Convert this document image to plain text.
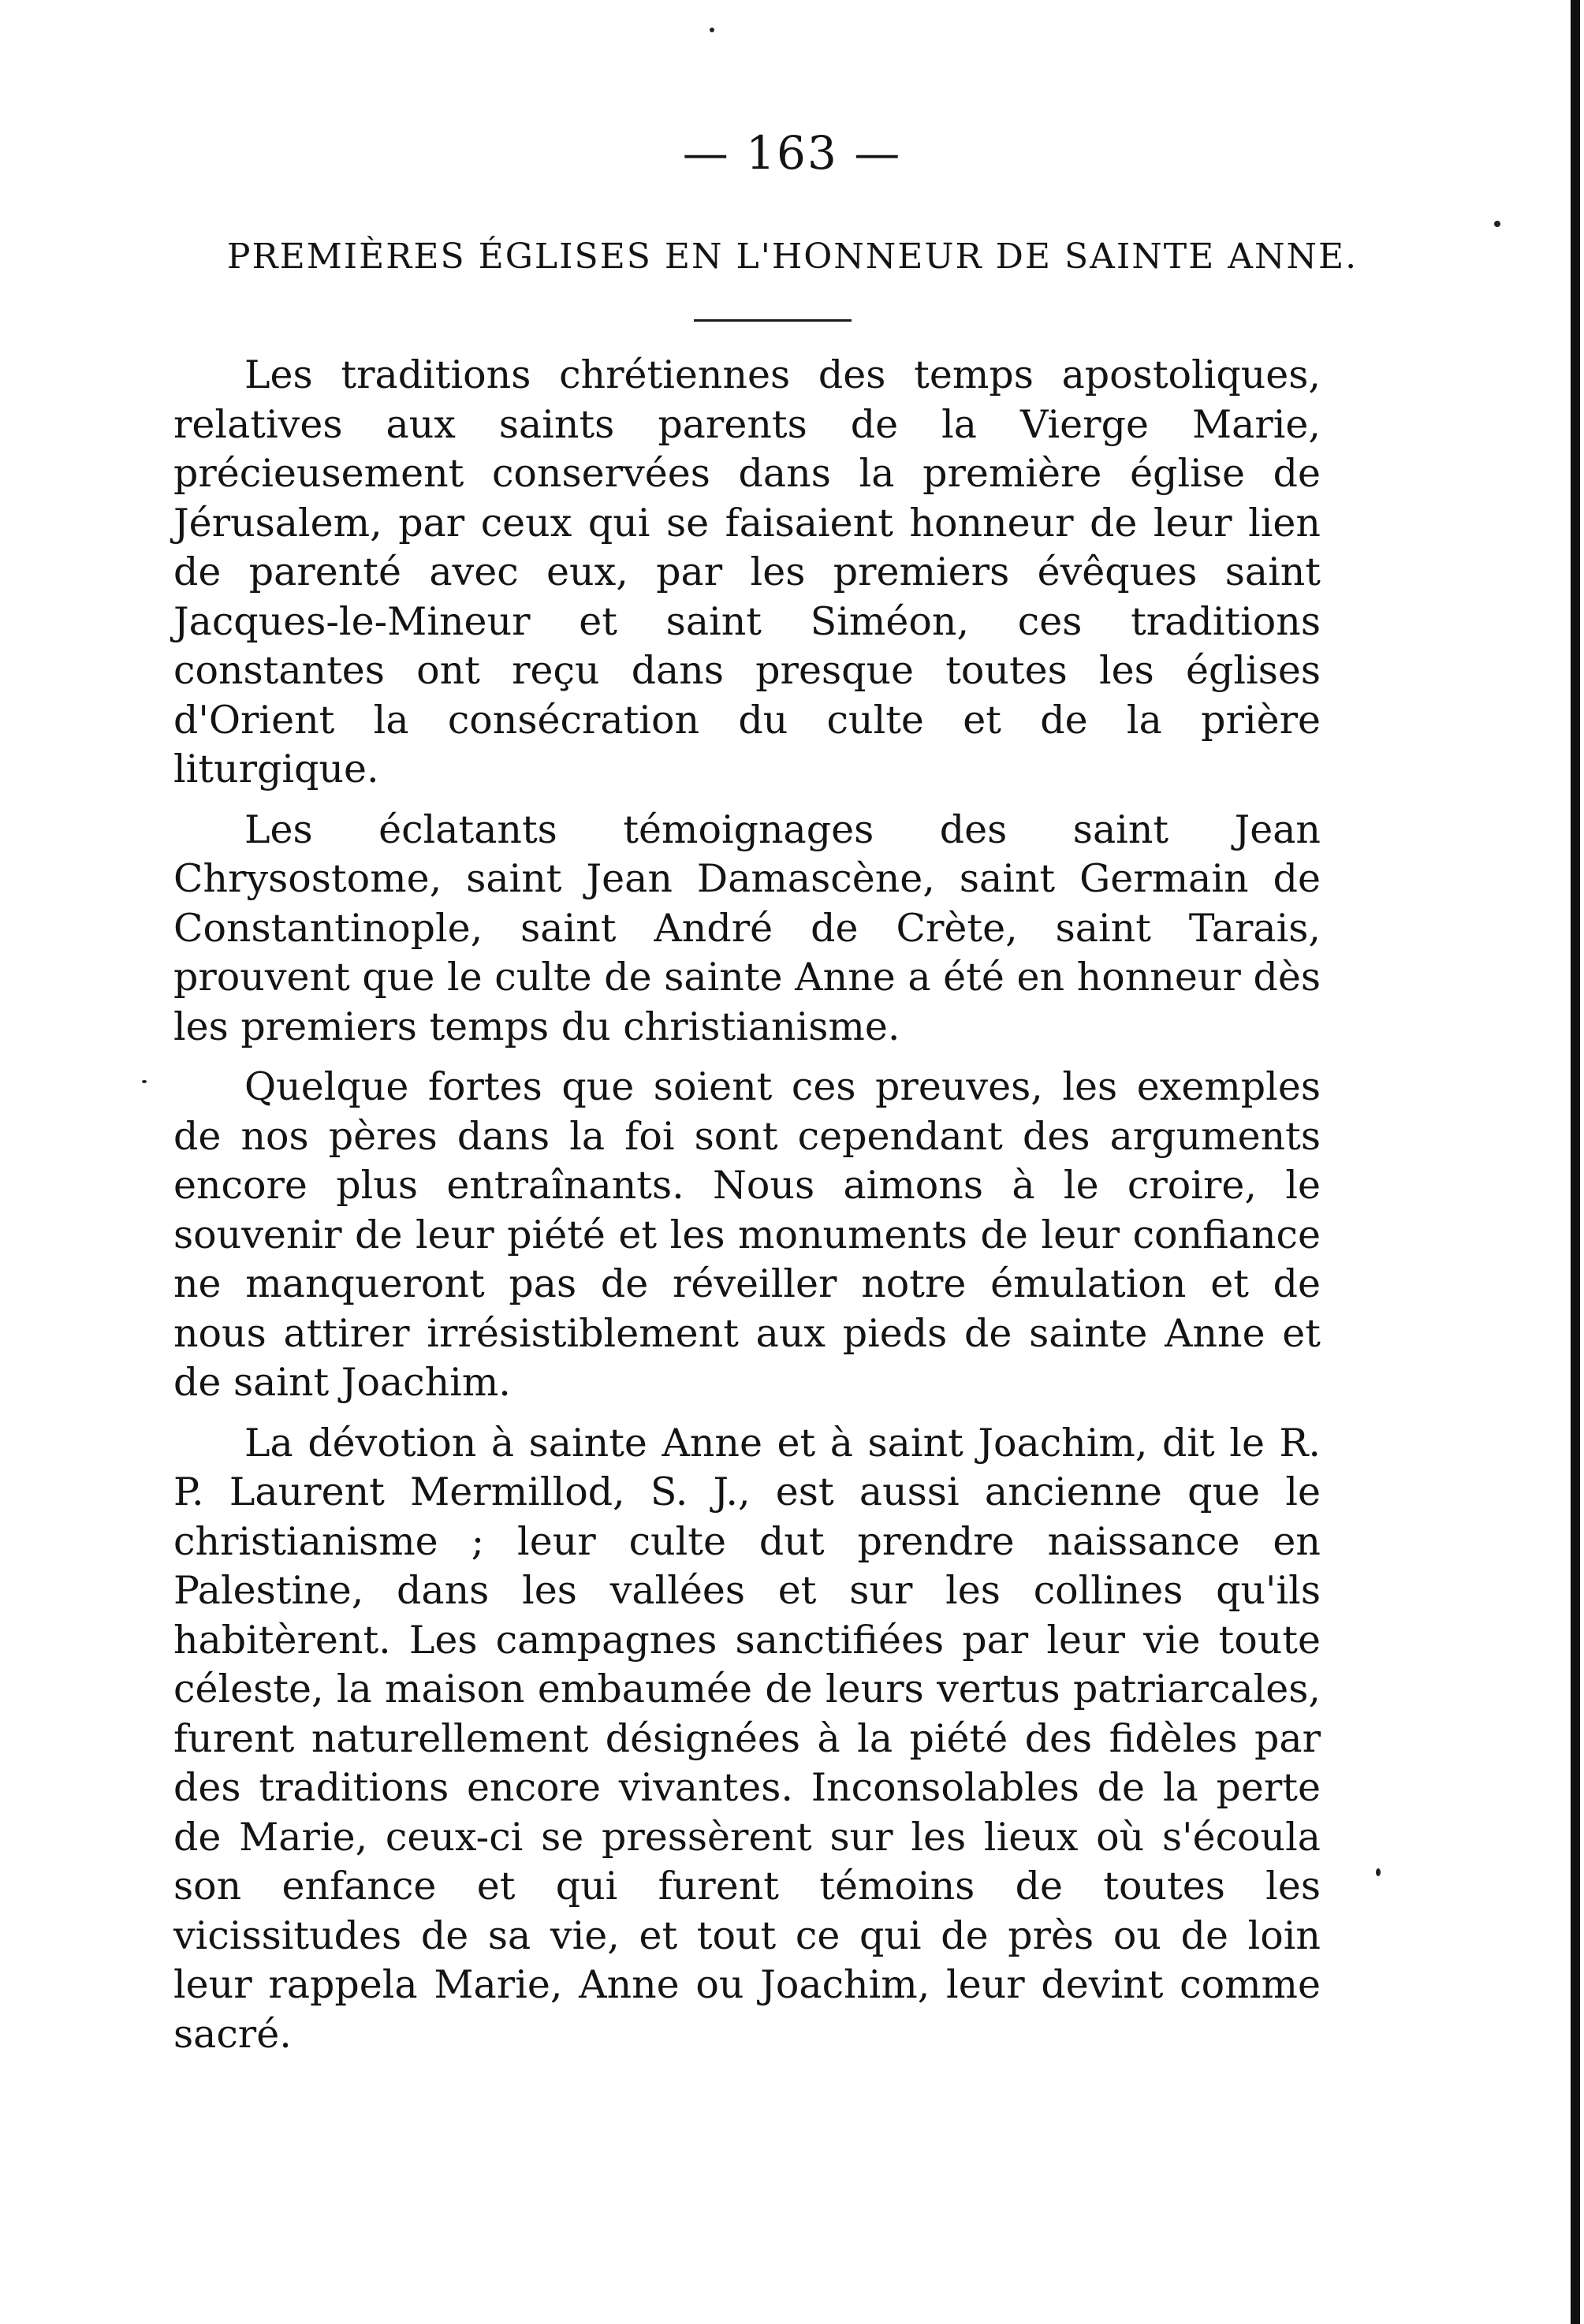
— 163 —
PREMIÈRES ÉGLISES EN L'HONNEUR DE SAINTE ANNE.

Les traditions chrétiennes des temps apostoliques, relatives aux saints parents de la Vierge Marie, précieusement conservées dans la première église de Jérusalem, par ceux qui se faisaient honneur de leur lien de parenté avec eux, par les premiers évêques saint Jacques-le-Mineur et saint Siméon, ces traditions constantes ont reçu dans presque toutes les églises d'Orient la consécration du culte et de la prière liturgique.

Les éclatants témoignages des saint Jean Chrysostome, saint Jean Damascène, saint Germain de Constantinople, saint André de Crète, saint Tarais, prouvent que le culte de sainte Anne a été en honneur dès les premiers temps du christianisme.

Quelque fortes que soient ces preuves, les exemples de nos pères dans la foi sont cependant des arguments encore plus entraînants. Nous aimons à le croire, le souvenir de leur piété et les monuments de leur confiance ne manqueront pas de réveiller notre émulation et de nous attirer irrésistiblement aux pieds de sainte Anne et de saint Joachim.

La dévotion à sainte Anne et à saint Joachim, dit le R. P. Laurent Mermillod, S. J., est aussi ancienne que le christianisme ; leur culte dut prendre naissance en Palestine, dans les vallées et sur les collines qu'ils habitèrent. Les campagnes sanctifiées par leur vie toute céleste, la maison embaumée de leurs vertus patriarcales, furent naturellement désignées à la piété des fidèles par des traditions encore vivantes. Inconsolables de la perte de Marie, ceux-ci se pressèrent sur les lieux où s'écoula son enfance et qui furent témoins de toutes les vicissitudes de sa vie, et tout ce qui de près ou de loin leur rappela Marie, Anne ou Joachim, leur devint comme sacré.
